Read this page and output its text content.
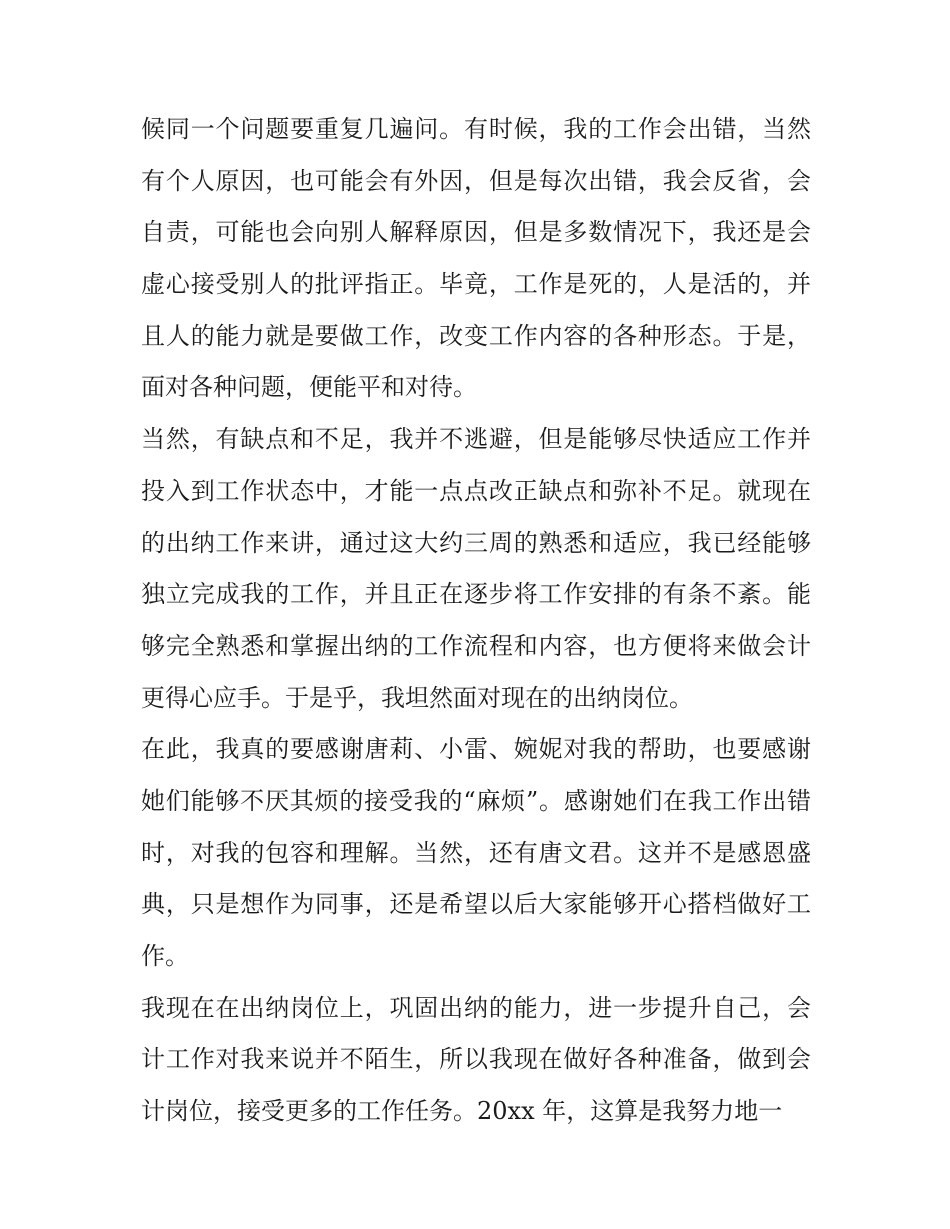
候同一个问题要重复几遍问。有时候，我的工作会出错，当然
有个人原因，也可能会有外因，但是每次出错，我会反省，会
自责，可能也会向别人解释原因，但是多数情况下，我还是会
虚心接受别人的批评指正。毕竟，工作是死的，人是活的，并
且人的能力就是要做工作，改变工作内容的各种形态。于是，
面对各种问题，便能平和对待。
当然，有缺点和不足，我并不逃避，但是能够尽快适应工作并
投入到工作状态中，才能一点点改正缺点和弥补不足。就现在
的出纳工作来讲，通过这大约三周的熟悉和适应，我已经能够
独立完成我的工作，并且正在逐步将工作安排的有条不紊。能
够完全熟悉和掌握出纳的工作流程和内容，也方便将来做会计
更得心应手。于是乎，我坦然面对现在的出纳岗位。
在此，我真的要感谢唐莉、小雷、婉妮对我的帮助，也要感谢
她们能够不厌其烦的接受我的“麻烦”。感谢她们在我工作出错
时，对我的包容和理解。当然，还有唐文君。这并不是感恩盛
典，只是想作为同事，还是希望以后大家能够开心搭档做好工
作。
我现在在出纳岗位上，巩固出纳的能力，进一步提升自己，会
计工作对我来说并不陌生，所以我现在做好各种准备，做到会
计岗位，接受更多的工作任务。20xx 年，这算是我努力地一
